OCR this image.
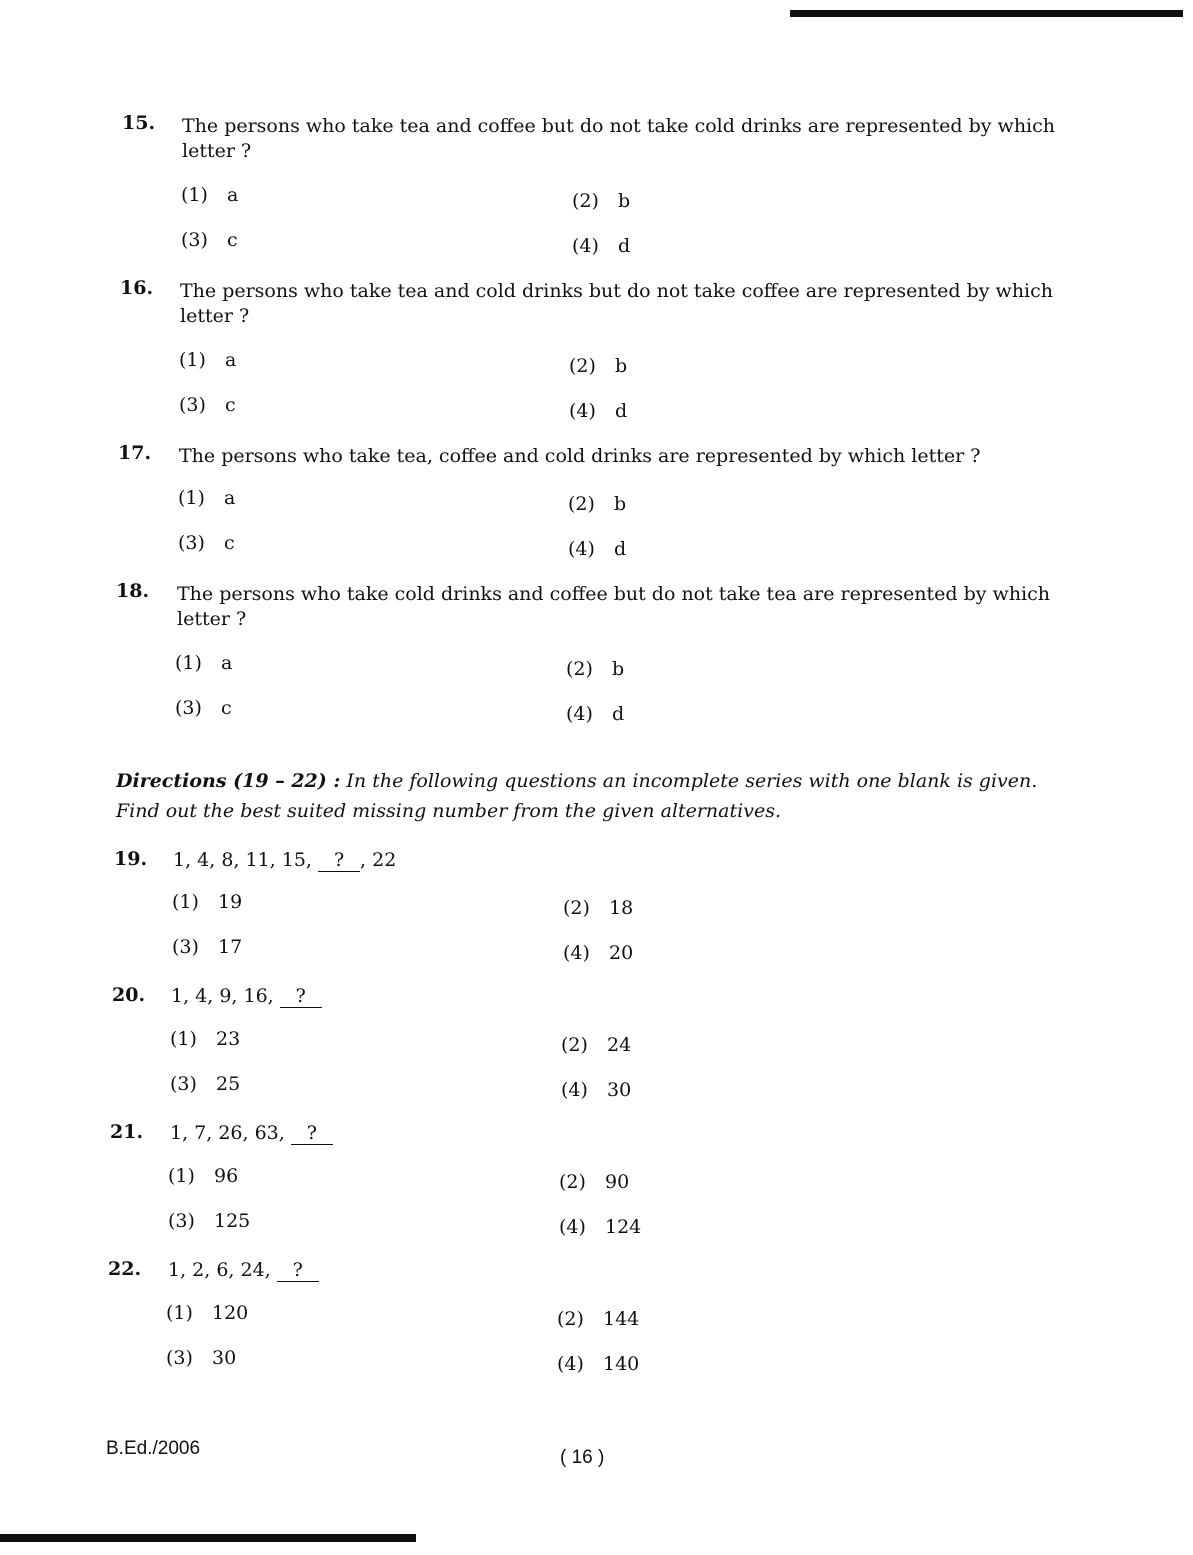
15. The persons who take tea and coffee but do not take cold drinks are represented by which letter ?
(1) a	(2) b
(3) c	(4) d
16. The persons who take tea and cold drinks but do not take coffee are represented by which letter ?
(1) a	(2) b
(3) c	(4) d
17. The persons who take tea, coffee and cold drinks are represented by which letter ?
(1) a	(2) b
(3) c	(4) d
18. The persons who take cold drinks and coffee but do not take tea are represented by which letter ?
(1) a	(2) b
(3) c	(4) d
Directions (19 – 22) : In the following questions an incomplete series with one blank is given. Find out the best suited missing number from the given alternatives.
19. 1, 4, 8, 11, 15, ? , 22
(1) 19	(2) 18
(3) 17	(4) 20
20. 1, 4, 9, 16, ?
(1) 23	(2) 24
(3) 25	(4) 30
21. 1, 7, 26, 63, ?
(1) 96	(2) 90
(3) 125	(4) 124
22. 1, 2, 6, 24, ?
(1) 120	(2) 144
(3) 30	(4) 140
B.Ed./2006	( 16 )
